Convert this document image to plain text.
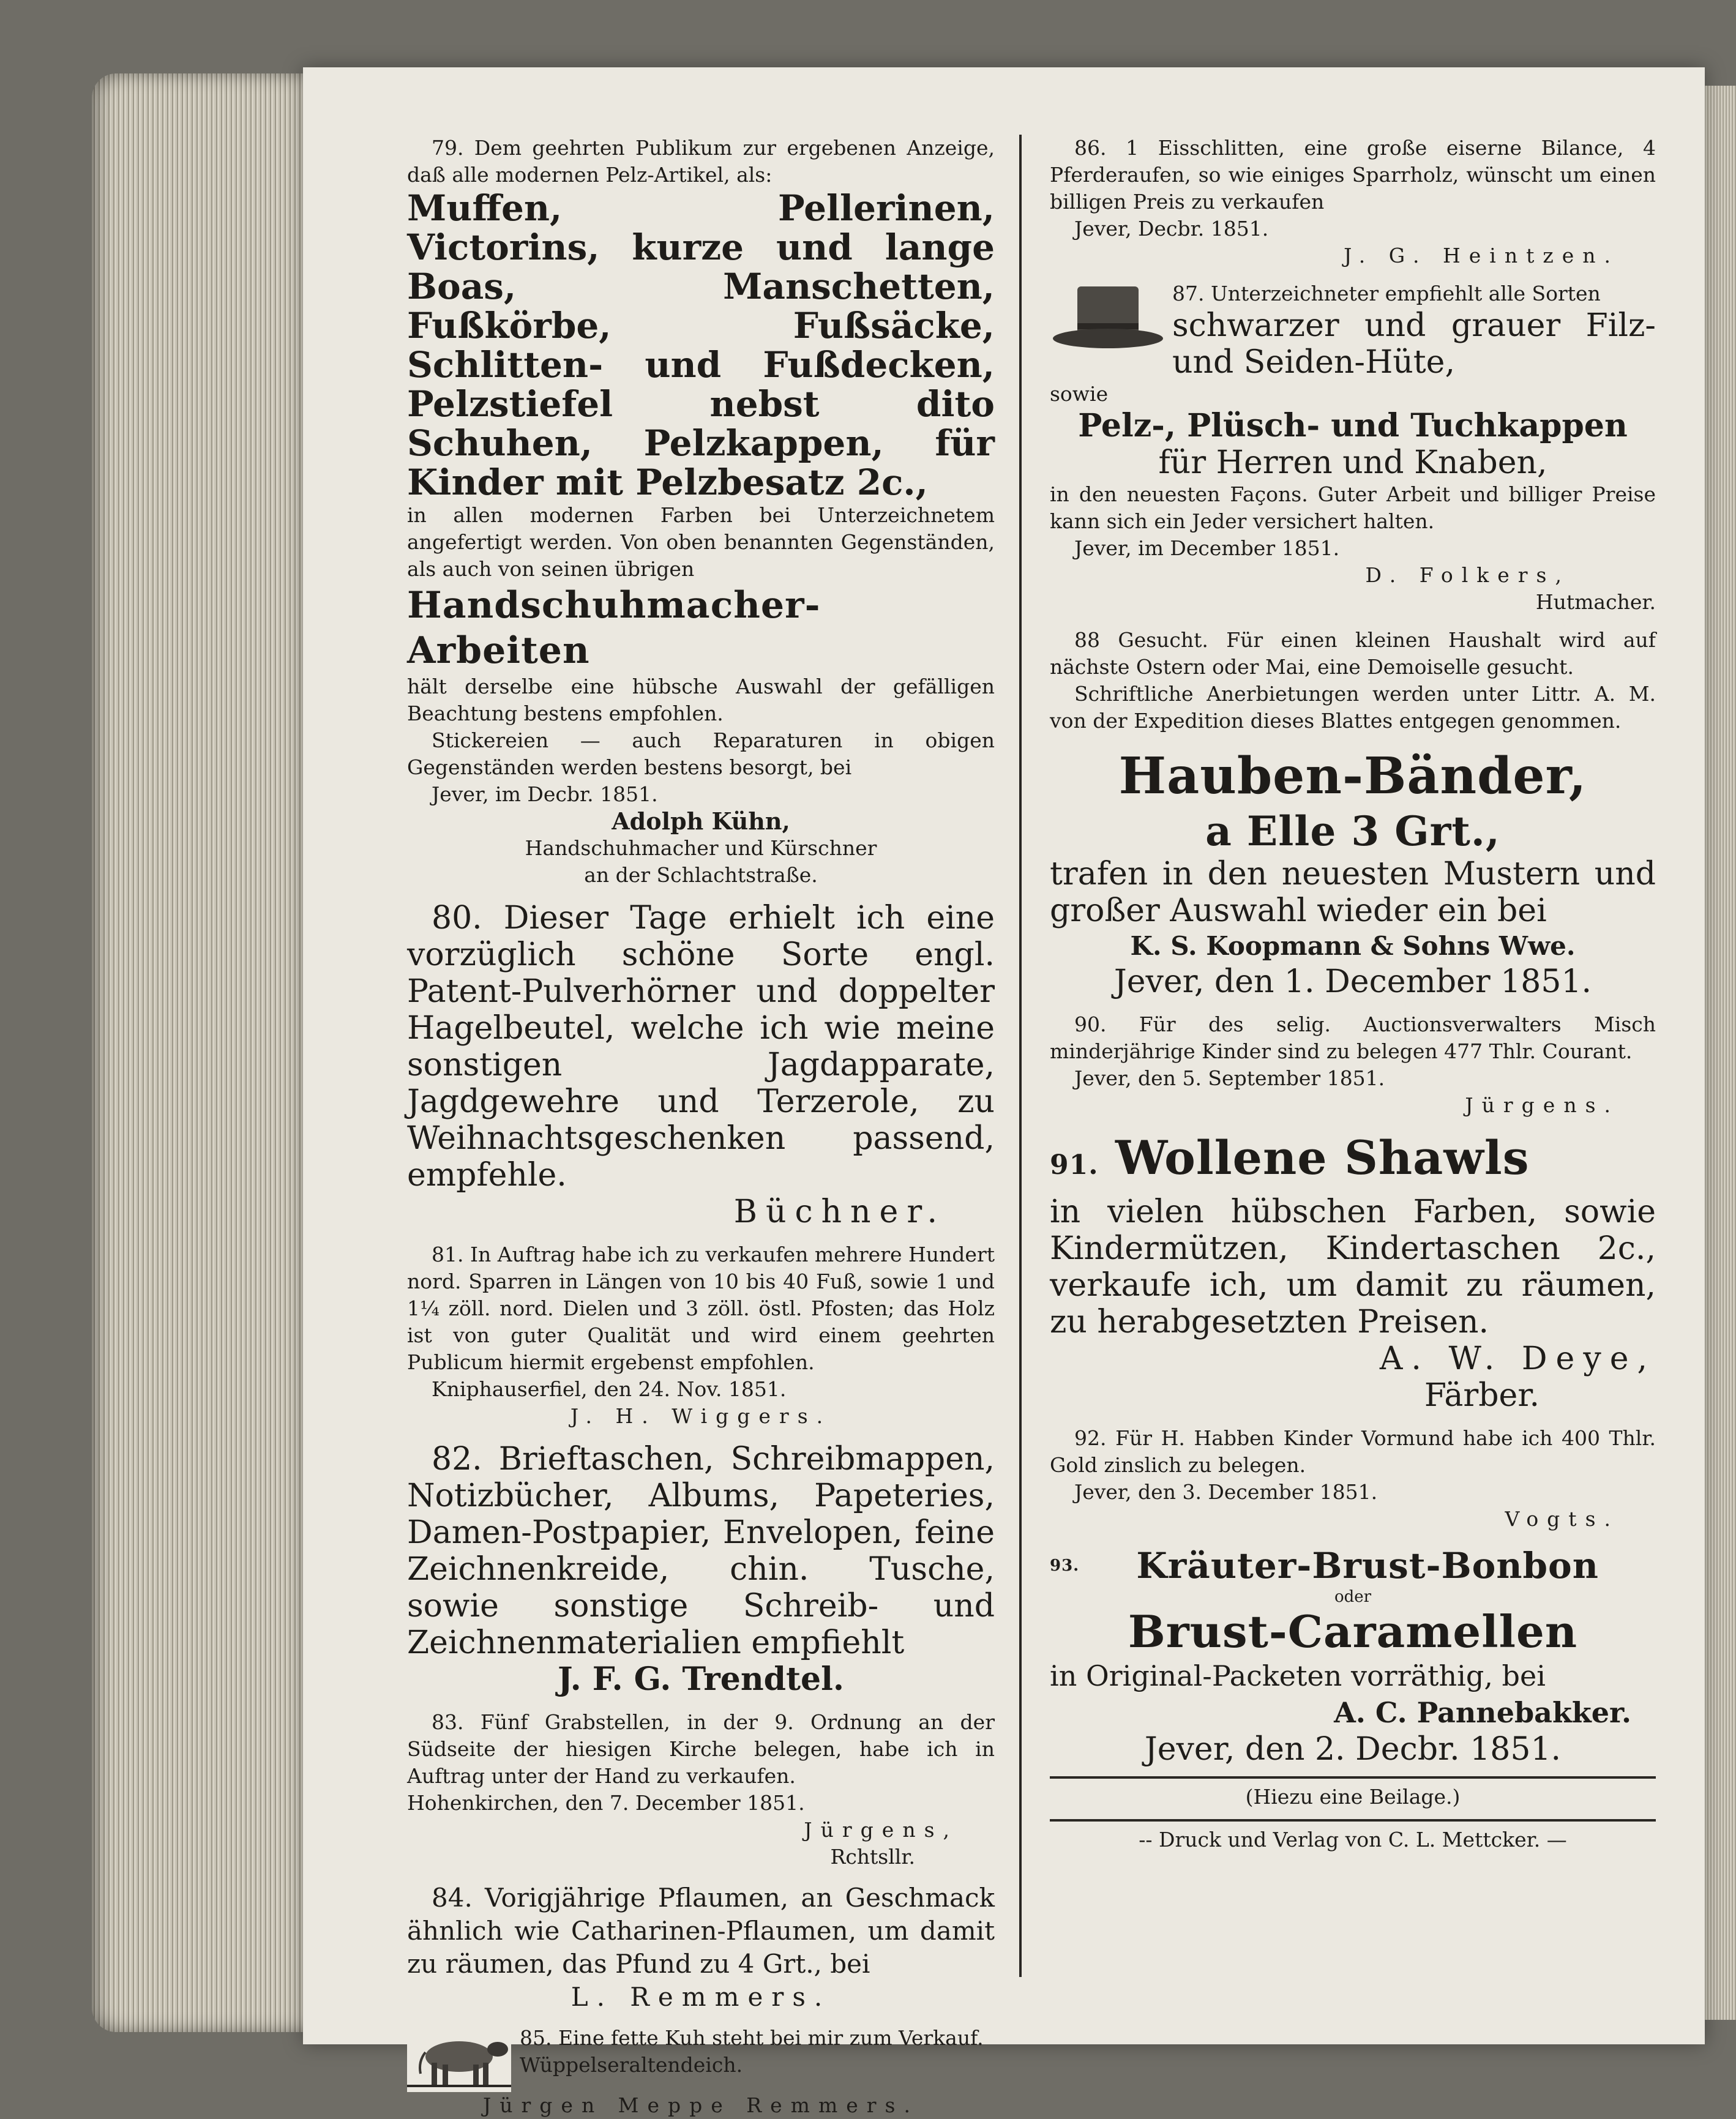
79. Dem geehrten Publikum zur ergebenen Anzeige, daß alle modernen Pelz-Artikel, als:

Muffen, Pellerinen, Victorins, kurze und lange Boas, Manschetten, Fußkörbe, Fußsäcke, Schlitten- und Fußdecken, Pelzstiefel nebst dito Schuhen, Pelzkappen, für Kinder mit Pelzbesatz 2c.,

in allen modernen Farben bei Unterzeichnetem angefertigt werden. Von oben benannten Gegenständen, als auch von seinen übrigen

Handschuhmacher-Arbeiten

hält derselbe eine hübsche Auswahl der gefälligen Beachtung bestens empfohlen.

Stickereien — auch Reparaturen in obigen Gegenständen werden bestens besorgt, bei

Jever, im Decbr. 1851.

Adolph Kühn,

Handschuhmacher und Kürschner

an der Schlachtstraße.

80. Dieser Tage erhielt ich eine vorzüglich schöne Sorte engl. Patent-Pulverhörner und doppelter Hagelbeutel, welche ich wie meine sonstigen Jagdapparate, Jagdgewehre und Terzerole, zu Weihnachtsgeschenken passend, empfehle.

Büchner.

81. In Auftrag habe ich zu verkaufen mehrere Hundert nord. Sparren in Längen von 10 bis 40 Fuß, sowie 1 und 1¼ zöll. nord. Dielen und 3 zöll. östl. Pfosten; das Holz ist von guter Qualität und wird einem geehrten Publicum hiermit ergebenst empfohlen.

Kniphauserfiel, den 24. Nov. 1851.

J. H. Wiggers.

82. Brieftaschen, Schreibmappen, Notizbücher, Albums, Papeteries, Damen-Postpapier, Envelopen, feine Zeichnenkreide, chin. Tusche, sowie sonstige Schreib- und Zeichnenmaterialien empfiehlt

J. F. G. Trendtel.

83. Fünf Grabstellen, in der 9. Ordnung an der Südseite der hiesigen Kirche belegen, habe ich in Auftrag unter der Hand zu verkaufen.

Hohenkirchen, den 7. December 1851.

Jürgens,

Rchtsllr.

84. Vorigjährige Pflaumen, an Geschmack ähnlich wie Catharinen-Pflaumen, um damit zu räumen, das Pfund zu 4 Grt., bei

L. Remmers.

85. Eine fette Kuh steht bei mir zum Verkauf.

Wüppelseraltendeich.

Jürgen Meppe Remmers.

86. 1 Eisschlitten, eine große eiserne Bilance, 4 Pferderaufen, so wie einiges Sparrholz, wünscht um einen billigen Preis zu verkaufen

Jever, Decbr. 1851.

J. G. Heintzen.

87. Unterzeichneter empfiehlt alle Sorten

schwarzer und grauer Filz- und Seiden-Hüte,

sowie

Pelz-, Plüsch- und Tuchkappen

für Herren und Knaben,

in den neuesten Façons. Guter Arbeit und billiger Preise kann sich ein Jeder versichert halten.

Jever, im December 1851.

D. Folkers,

Hutmacher.

88 Gesucht. Für einen kleinen Haushalt wird auf nächste Ostern oder Mai, eine Demoiselle gesucht.

Schriftliche Anerbietungen werden unter Littr. A. M. von der Expedition dieses Blattes entgegen genommen.

Hauben-Bänder,

a Elle 3 Grt.,

trafen in den neuesten Mustern und großer Auswahl wieder ein bei

K. S. Koopmann & Sohns Wwe.

Jever, den 1. December 1851.

90. Für des selig. Auctionsverwalters Misch minderjährige Kinder sind zu belegen 477 Thlr. Courant.

Jever, den 5. September 1851.

Jürgens.

91. Wollene Shawls

in vielen hübschen Farben, sowie Kindermützen, Kindertaschen 2c., verkaufe ich, um damit zu räumen, zu herabgesetzten Preisen.

A. W. Deye,

Färber.

92. Für H. Habben Kinder Vormund habe ich 400 Thlr. Gold zinslich zu belegen.

Jever, den 3. December 1851.

Vogts.

93. Kräuter-Brust-Bonbon

oder

Brust-Caramellen

in Original-Packeten vorräthig, bei

A. C. Pannebakker.

Jever, den 2. Decbr. 1851.

(Hiezu eine Beilage.)

-- Druck und Verlag von C. L. Mettcker. —
